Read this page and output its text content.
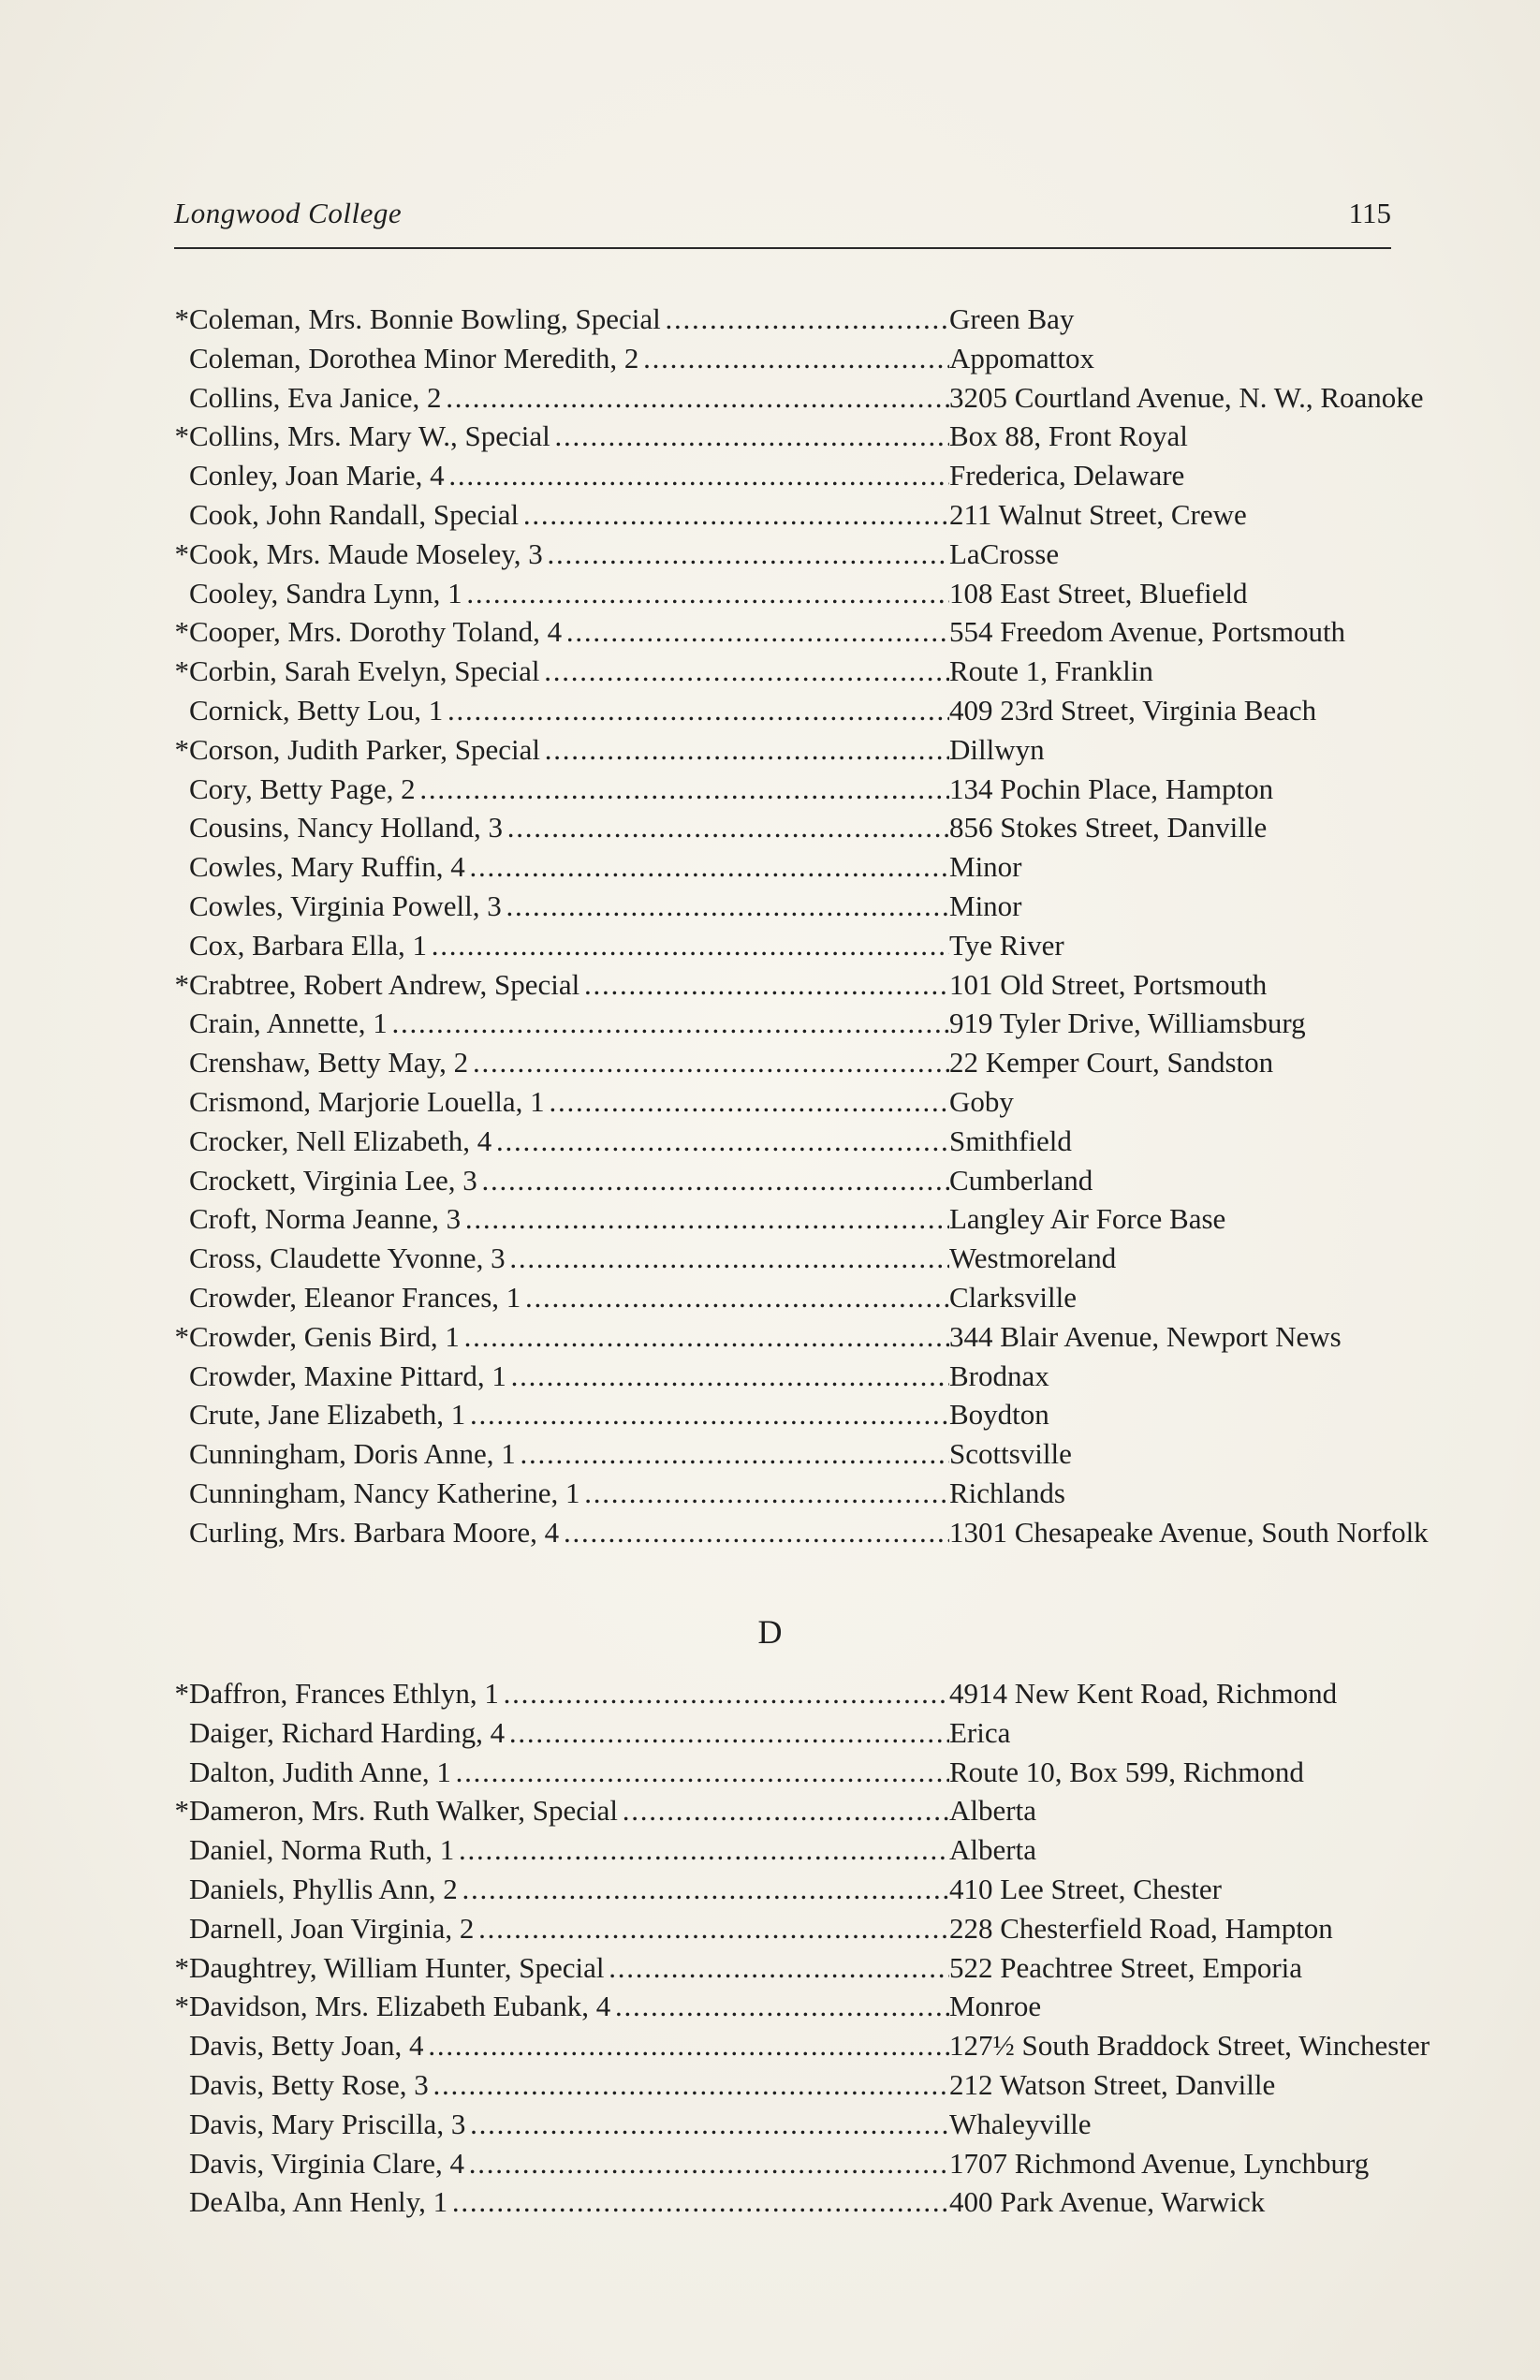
Longwood College	115
* Coleman, Mrs. Bonnie Bowling, Special . . .	Green Bay
Coleman, Dorothea Minor Meredith, 2 . . .	Appomattox
Collins, Eva Janice, 2 . . .	3205 Courtland Avenue, N. W., Roanoke
* Collins, Mrs. Mary W., Special . . .	Box 88, Front Royal
Conley, Joan Marie, 4 . . .	Frederica, Delaware
Cook, John Randall, Special . . .	211 Walnut Street, Crewe
* Cook, Mrs. Maude Moseley, 3 . . .	LaCrosse
Cooley, Sandra Lynn, 1 . . .	108 East Street, Bluefield
* Cooper, Mrs. Dorothy Toland, 4 . . .	554 Freedom Avenue, Portsmouth
* Corbin, Sarah Evelyn, Special . . .	Route 1, Franklin
Cornick, Betty Lou, 1 . . .	409 23rd Street, Virginia Beach
* Corson, Judith Parker, Special . . .	Dillwyn
Cory, Betty Page, 2 . . .	134 Pochin Place, Hampton
Cousins, Nancy Holland, 3 . . .	856 Stokes Street, Danville
Cowles, Mary Ruffin, 4 . . .	Minor
Cowles, Virginia Powell, 3 . . .	Minor
Cox, Barbara Ella, 1 . . .	Tye River
* Crabtree, Robert Andrew, Special . . .	101 Old Street, Portsmouth
Crain, Annette, 1 . . .	919 Tyler Drive, Williamsburg
Crenshaw, Betty May, 2 . . .	22 Kemper Court, Sandston
Crismond, Marjorie Louella, 1 . . .	Goby
Crocker, Nell Elizabeth, 4 . . .	Smithfield
Crockett, Virginia Lee, 3 . . .	Cumberland
Croft, Norma Jeanne, 3 . . .	Langley Air Force Base
Cross, Claudette Yvonne, 3 . . .	Westmoreland
Crowder, Eleanor Frances, 1 . . .	Clarksville
* Crowder, Genis Bird, 1 . . .	344 Blair Avenue, Newport News
Crowder, Maxine Pittard, 1 . . .	Brodnax
Crute, Jane Elizabeth, 1 . . .	Boydton
Cunningham, Doris Anne, 1 . . .	Scottsville
Cunningham, Nancy Katherine, 1 . . .	Richlands
Curling, Mrs. Barbara Moore, 4 . . .	1301 Chesapeake Avenue, South Norfolk
D
* Daffron, Frances Ethlyn, 1 . . .	4914 New Kent Road, Richmond
Daiger, Richard Harding, 4 . . .	Erica
Dalton, Judith Anne, 1 . . .	Route 10, Box 599, Richmond
* Dameron, Mrs. Ruth Walker, Special . . .	Alberta
Daniel, Norma Ruth, 1 . . .	Alberta
Daniels, Phyllis Ann, 2 . . .	410 Lee Street, Chester
Darnell, Joan Virginia, 2 . . .	228 Chesterfield Road, Hampton
* Daughtrey, William Hunter, Special . . .	522 Peachtree Street, Emporia
* Davidson, Mrs. Elizabeth Eubank, 4 . . .	Monroe
Davis, Betty Joan, 4 . . .	127½ South Braddock Street, Winchester
Davis, Betty Rose, 3 . . .	212 Watson Street, Danville
Davis, Mary Priscilla, 3 . . .	Whaleyville
Davis, Virginia Clare, 4 . . .	1707 Richmond Avenue, Lynchburg
DeAlba, Ann Henly, 1 . . .	400 Park Avenue, Warwick
